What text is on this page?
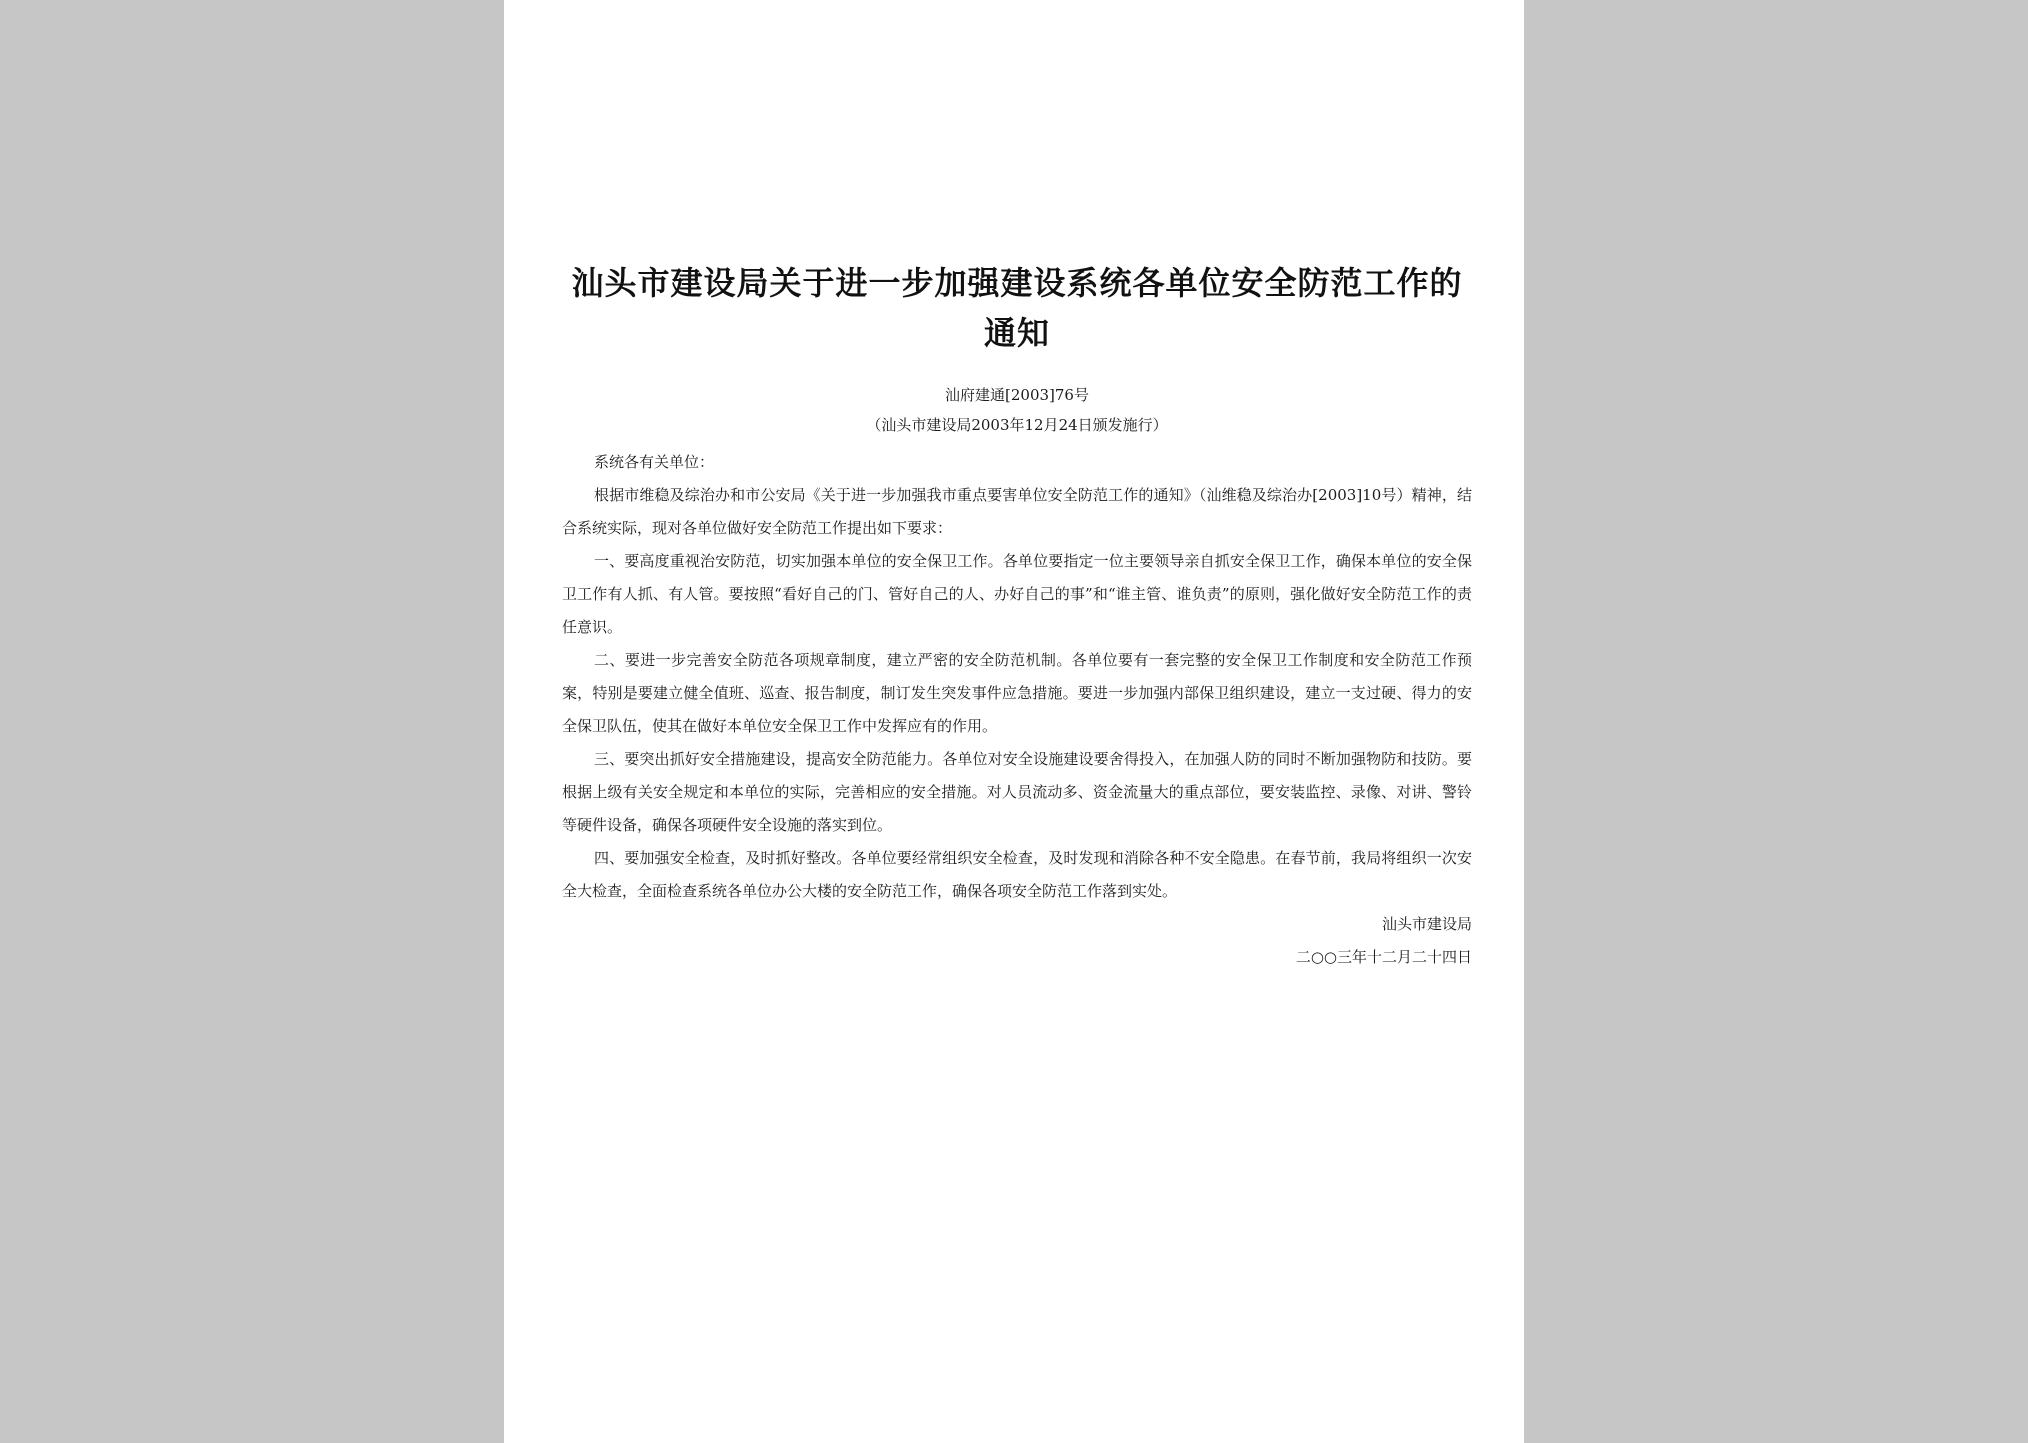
汕头市建设局关于进一步加强建设系统各单位安全防范工作的通知

汕府建通[2003]76号

（汕头市建设局2003年12月24日颁发施行）

系统各有关单位：

根据市维稳及综治办和市公安局《关于进一步加强我市重点要害单位安全防范工作的通知》（汕维稳及综治办[2003]10号）精神，结合系统实际，现对各单位做好安全防范工作提出如下要求：

一、要高度重视治安防范，切实加强本单位的安全保卫工作。各单位要指定一位主要领导亲自抓安全保卫工作，确保本单位的安全保卫工作有人抓、有人管。要按照“看好自己的门、管好自己的人、办好自己的事”和“谁主管、谁负责”的原则，强化做好安全防范工作的责任意识。

二、要进一步完善安全防范各项规章制度，建立严密的安全防范机制。各单位要有一套完整的安全保卫工作制度和安全防范工作预案，特别是要建立健全值班、巡查、报告制度，制订发生突发事件应急措施。要进一步加强内部保卫组织建设，建立一支过硬、得力的安全保卫队伍，使其在做好本单位安全保卫工作中发挥应有的作用。

三、要突出抓好安全措施建设，提高安全防范能力。各单位对安全设施建设要舍得投入，在加强人防的同时不断加强物防和技防。要根据上级有关安全规定和本单位的实际，完善相应的安全措施。对人员流动多、资金流量大的重点部位，要安装监控、录像、对讲、警铃等硬件设备，确保各项硬件安全设施的落实到位。

四、要加强安全检查，及时抓好整改。各单位要经常组织安全检查，及时发现和消除各种不安全隐患。在春节前，我局将组织一次安全大检查，全面检查系统各单位办公大楼的安全防范工作，确保各项安全防范工作落到实处。

汕头市建设局

二○○三年十二月二十四日
